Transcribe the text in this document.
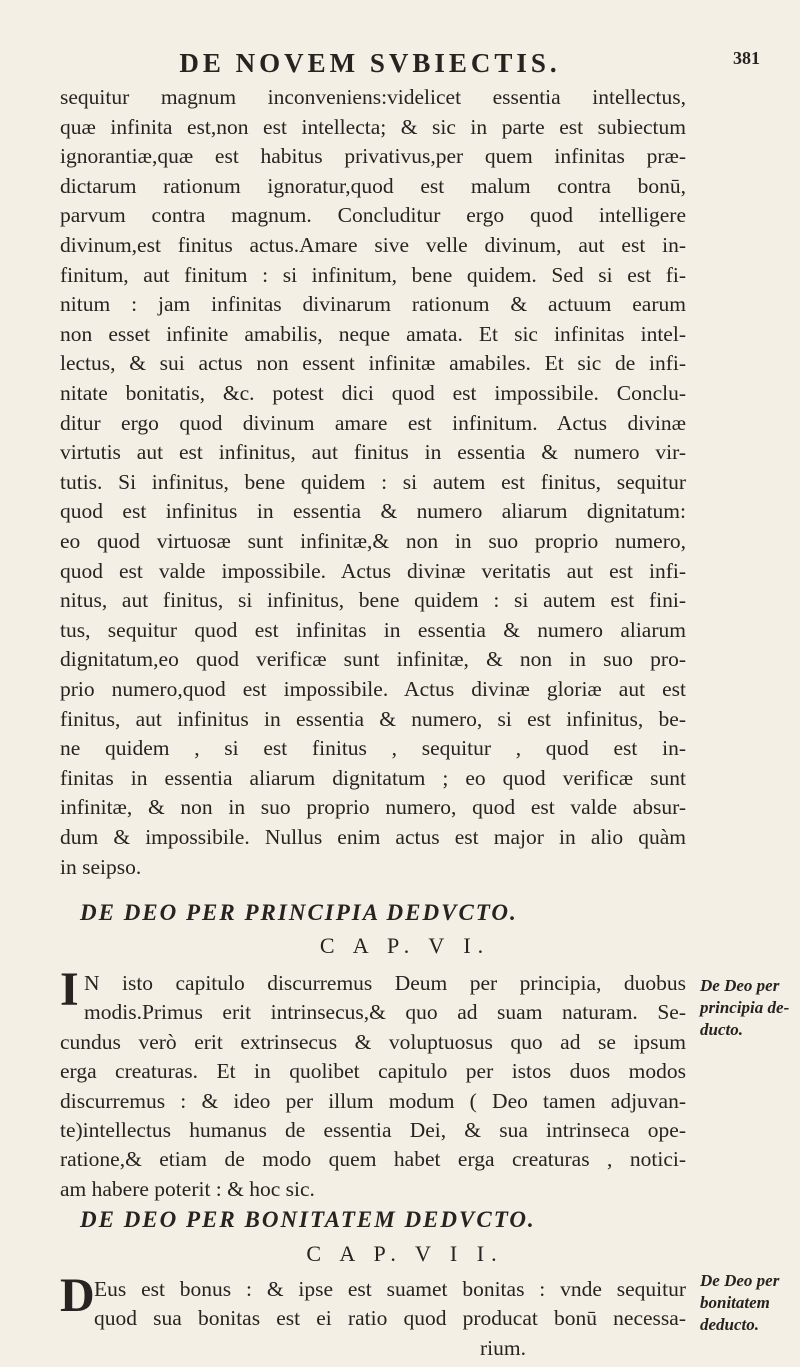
DE NOVEM SVBIECTIS.	381
sequitur magnum inconveniens:videlicet essentia intellectus,
quæ infinita est,non est intellecta; & sic in parte est subiectum
ignorantiæ,quæ est habitus privativus,per quem infinitas præ-
dictarum rationum ignoratur,quod est malum contra bonū,
parvum contra magnum. Concluditur ergo quod intelligere
divinum,est finitus actus.Amare sive velle divinum, aut est in-
finitum, aut finitum : si infinitum, bene quidem. Sed si est fi-
nitum : jam infinitas divinarum rationum & actuum earum
non esset infinite amabilis, neque amata. Et sic infinitas intel-
lectus, & sui actus non essent infinitæ amabiles. Et sic de infi-
nitate bonitatis, &c. potest dici quod est impossibile. Conclu-
ditur ergo quod divinum amare est infinitum. Actus divinæ
virtutis aut est infinitus, aut finitus in essentia & numero vir-
tutis. Si infinitus, bene quidem : si autem est finitus, sequitur
quod est infinitus in essentia & numero aliarum dignitatum:
eo quod virtuosæ sunt infinitæ,& non in suo proprio numero,
quod est valde impossibile. Actus divinæ veritatis aut est infi-
nitus, aut finitus, si infinitus, bene quidem : si autem est fini-
tus, sequitur quod est infinitas in essentia & numero aliarum
dignitatum,eo quod verificæ sunt infinitæ, & non in suo pro-
prio numero,quod est impossibile. Actus divinæ gloriæ aut est
finitus, aut infinitus in essentia & numero, si est infinitus, be-
ne quidem , si est finitus , sequitur , quod est in-
finitas in essentia aliarum dignitatum ; eo quod verificæ sunt
infinitæ, & non in suo proprio numero, quod est valde absur-
dum & impossibile. Nullus enim actus est major in alio quàm
in seipso.
DE DEO PER PRINCIPIA DEDVCTO.
C A P. V I.
I N isto capitulo discurremus Deum per principia, duobus
modis.Primus erit intrinsecus,& quo ad suam naturam. Se-
cundus verò erit extrinsecus & voluptuosus quo ad se ipsum
erga creaturas. Et in quolibet capitulo per istos duos modos
discurremus : & ideo per illum modum ( Deo tamen adjuvan-
te)intellectus humanus de essentia Dei, & sua intrinseca ope-
ratione,& etiam de modo quem habet erga creaturas , notici-
am habere poterit : & hoc sic.
De Deo per
principia de-
ducto.
DE DEO PER BONITATEM DEDVCTO.
C A P. V I I.
D Eus est bonus : & ipse est suamet bonitas : vnde sequitur
quod sua bonitas est ei ratio quod producat bonū necessa-
rium.
De Deo per
bonitatem
deducto.
